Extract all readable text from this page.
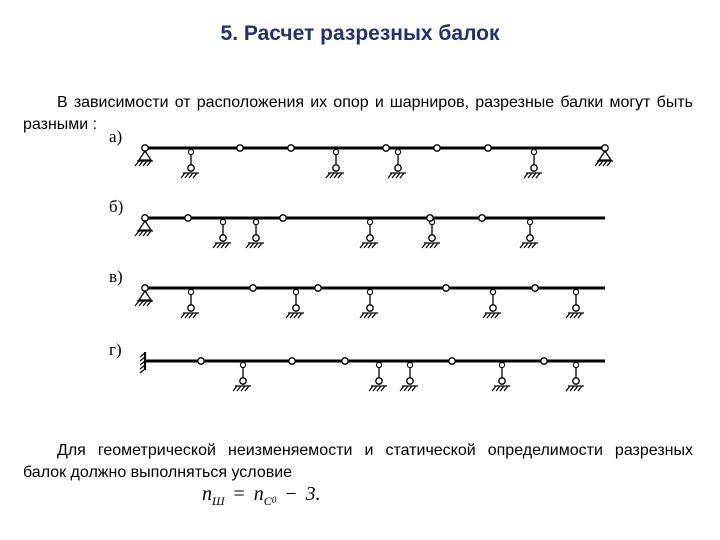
5. Расчет разрезных балок

В зависимости от расположения их опор и шарниров, разрезные балки могут быть разными :

а)
б)
в)
г)

Для геометрической неизменяемости и статической определимости разрезных балок должно выполняться условие

$n_Ш = n_C0 - 3$.
